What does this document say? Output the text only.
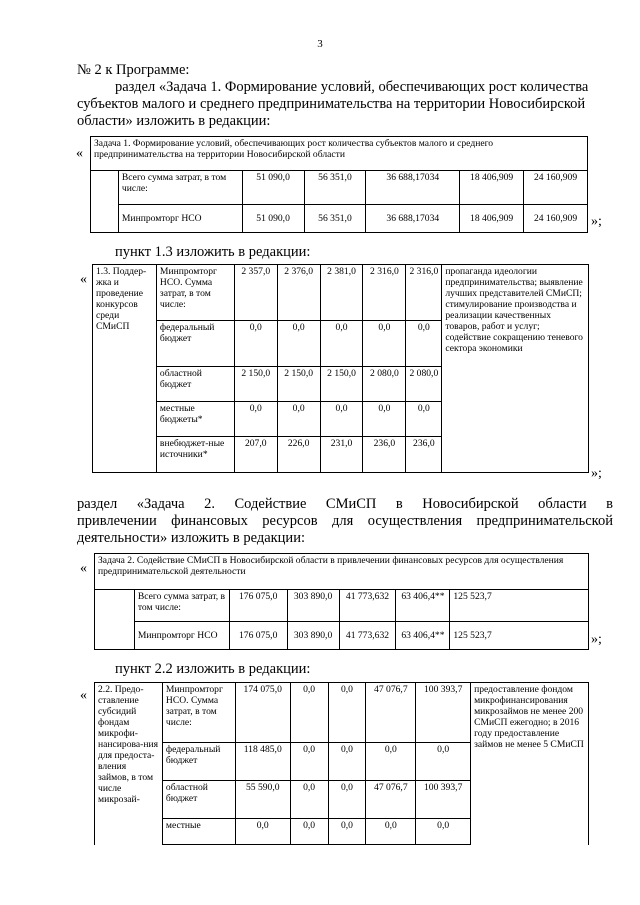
3
№ 2 к Программе:
раздел «Задача 1. Формирование условий, обеспечивающих рост количества
субъектов малого и среднего предпринимательства на территории Новосибирской
области» изложить в редакции:
«
Задача 1. Формирование условий, обеспечивающих рост количества субъектов малого и среднего предпринимательства на территории Новосибирской области						
	Всего сумма затрат, в том числе:	51 090,0	56 351,0	36 688,17034	18 406,909	24 160,909
	Минпромторг НСО	51 090,0	56 351,0	36 688,17034	18 406,909	24 160,909 »;
пункт 1.3 изложить в редакции:
«
1.3. Поддер-жка и проведение конкурсов среди СМиСП	Минпромторг НСО. Сумма затрат, в том числе:	2 357,0	2 376,0	2 381,0	2 316,0	2 316,0	пропаганда идеологии предпринимательства; выявление лучших представителей СМиСП; стимулирование производства и реализации качественных товаров, работ и услуг; содействие сокращению теневого сектора экономики
	федеральный бюджет	0,0	0,0	0,0	0,0	0,0	
	областной бюджет	2 150,0	2 150,0	2 150,0	2 080,0	2 080,0	
	местные бюджеты*	0,0	0,0	0,0	0,0	0,0	
	внебюджет-ные источники*	207,0	226,0	231,0	236,0	236,0	
»;
раздел «Задача 2. Содействие СМиСП в Новосибирской области в
привлечении финансовых ресурсов для осуществления предпринимательской
деятельности» изложить в редакции:
«
Задача 2. Содействие СМиСП в Новосибирской области в привлечении финансовых ресурсов для осуществления предпринимательской деятельности						
	Всего сумма затрат, в том числе:	176 075,0	303 890,0	41 773,632	63 406,4**	125 523,7
	Минпромторг НСО	176 075,0	303 890,0	41 773,632	63 406,4**	125 523,7	»;
пункт 2.2 изложить в редакции:
« 2.2. Предо-ставление субсидий фондам микрофи-нансирова-ния для предоста-вления займов, в том числе микрозай-	Минпромторг НСО. Сумма затрат, в том числе:	174 075,0	0,0	0,0	47 076,7	100 393,7	предоставление фондом микрофинансирования микрозаймов не менее 200 СМиСП ежегодно; в 2016 году предоставление займов не менее 5 СМиСП
	федеральный бюджет	118 485,0	0,0	0,0	0,0	0,0	
	областной бюджет	55 590,0	0,0	0,0	47 076,7	100 393,7	
	местные	0,0	0,0	0,0	0,0	0,0	
